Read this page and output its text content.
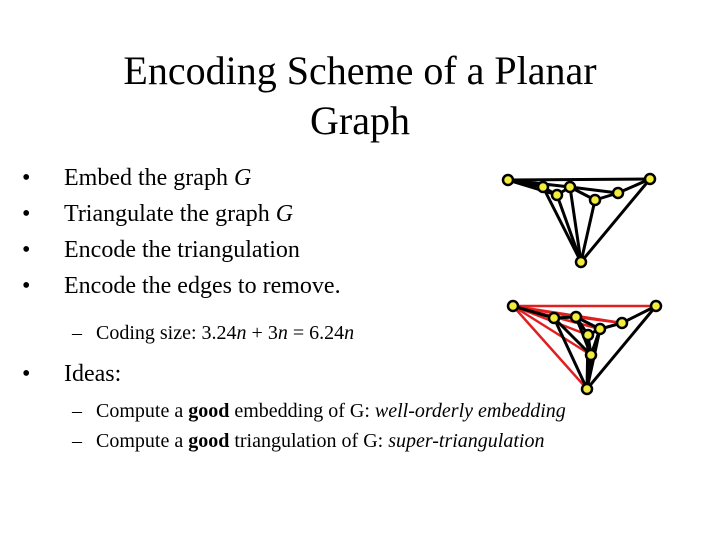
Encoding Scheme of a Planar
Graph
• Embed the graph G
• Triangulate the graph G
• Encode the triangulation
• Encode the edges to remove.
– Coding size: 3.24n + 3n = 6.24n
• Ideas:
– Compute a good embedding of G: well-orderly embedding
– Compute a good triangulation of G: super-triangulation
